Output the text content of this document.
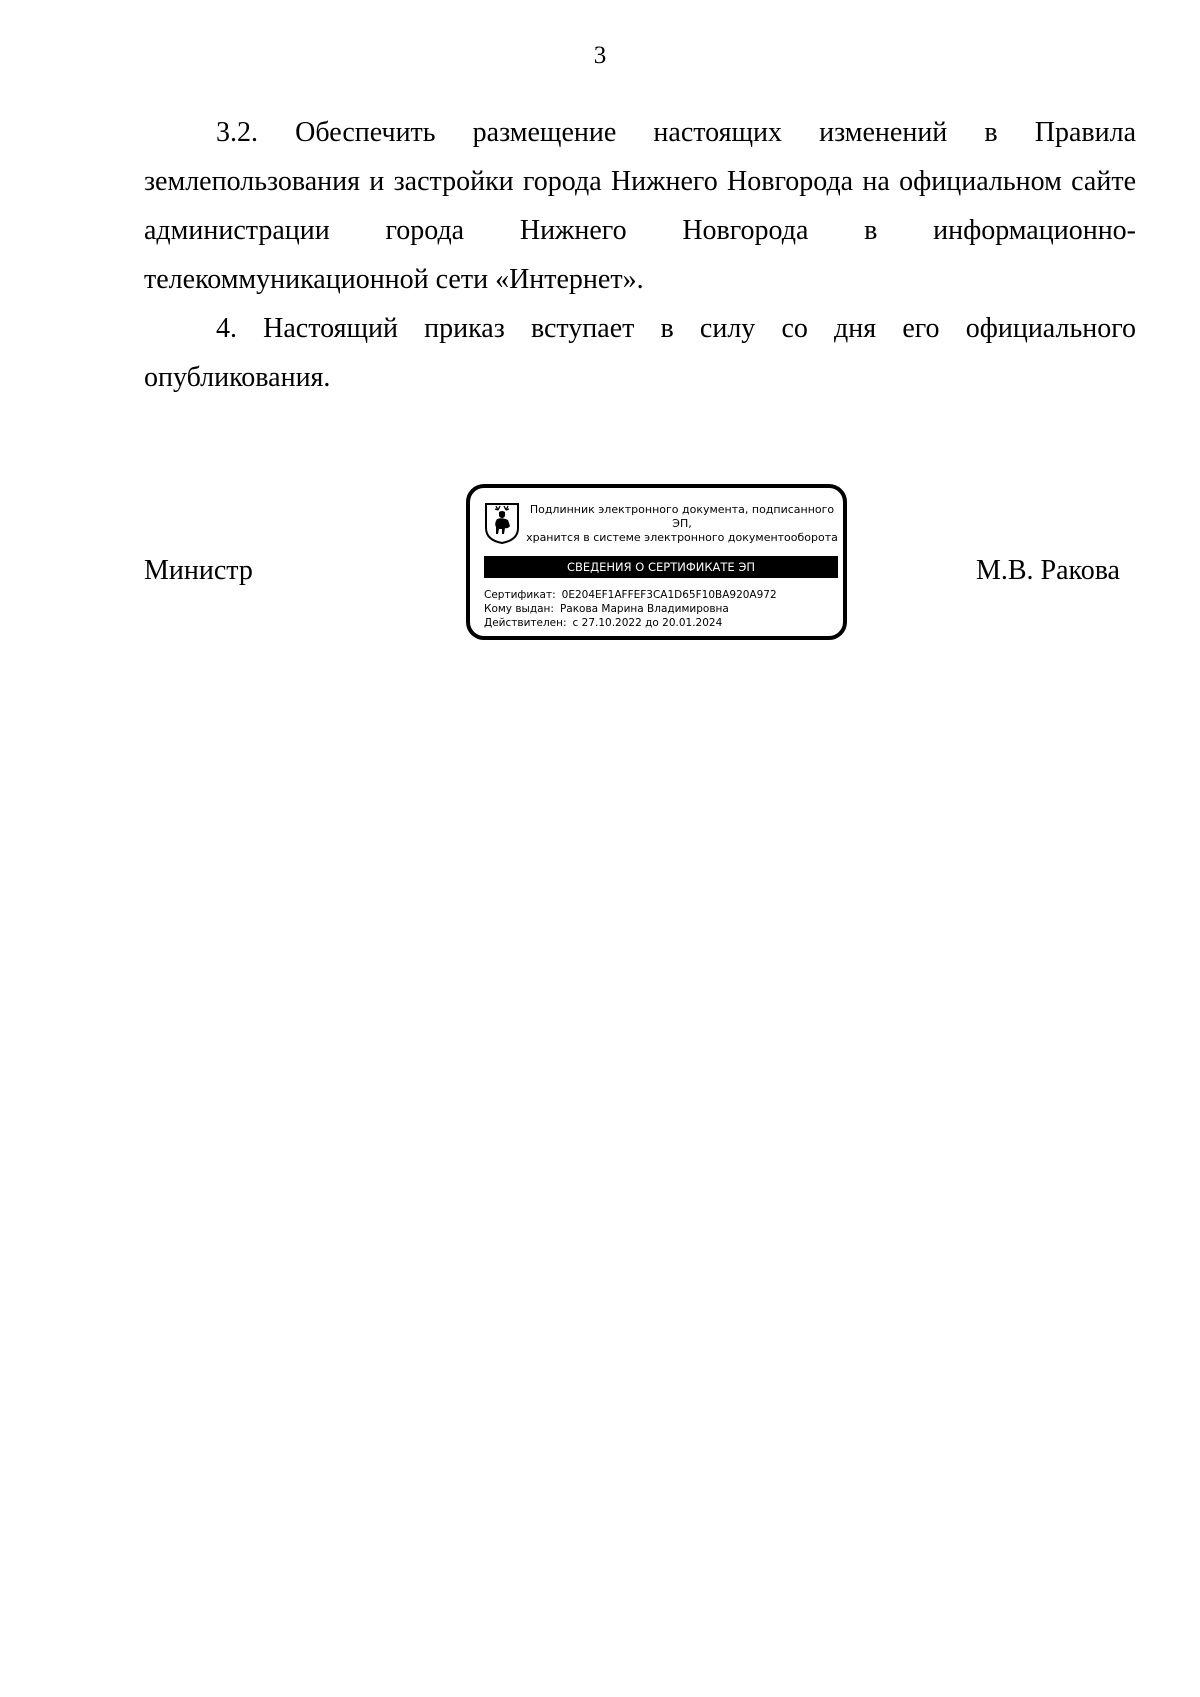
3

3.2. Обеспечить размещение настоящих изменений в Правила землепользования и застройки города Нижнего Новгорода на официальном сайте администрации города Нижнего Новгорода в информационно-телекоммуникационной сети «Интернет».

4. Настоящий приказ вступает в силу со дня его официального опубликования.

Министр
Подлинник электронного документа, подписанного ЭП,
хранится в системе электронного документооборота
СВЕДЕНИЯ О СЕРТИФИКАТЕ ЭП
Сертификат: 0E204EF1AFFEF3CA1D65F10BA920A972
Кому выдан: Ракова Марина Владимировна
Действителен: с 27.10.2022 до 20.01.2024
М.В. Ракова
